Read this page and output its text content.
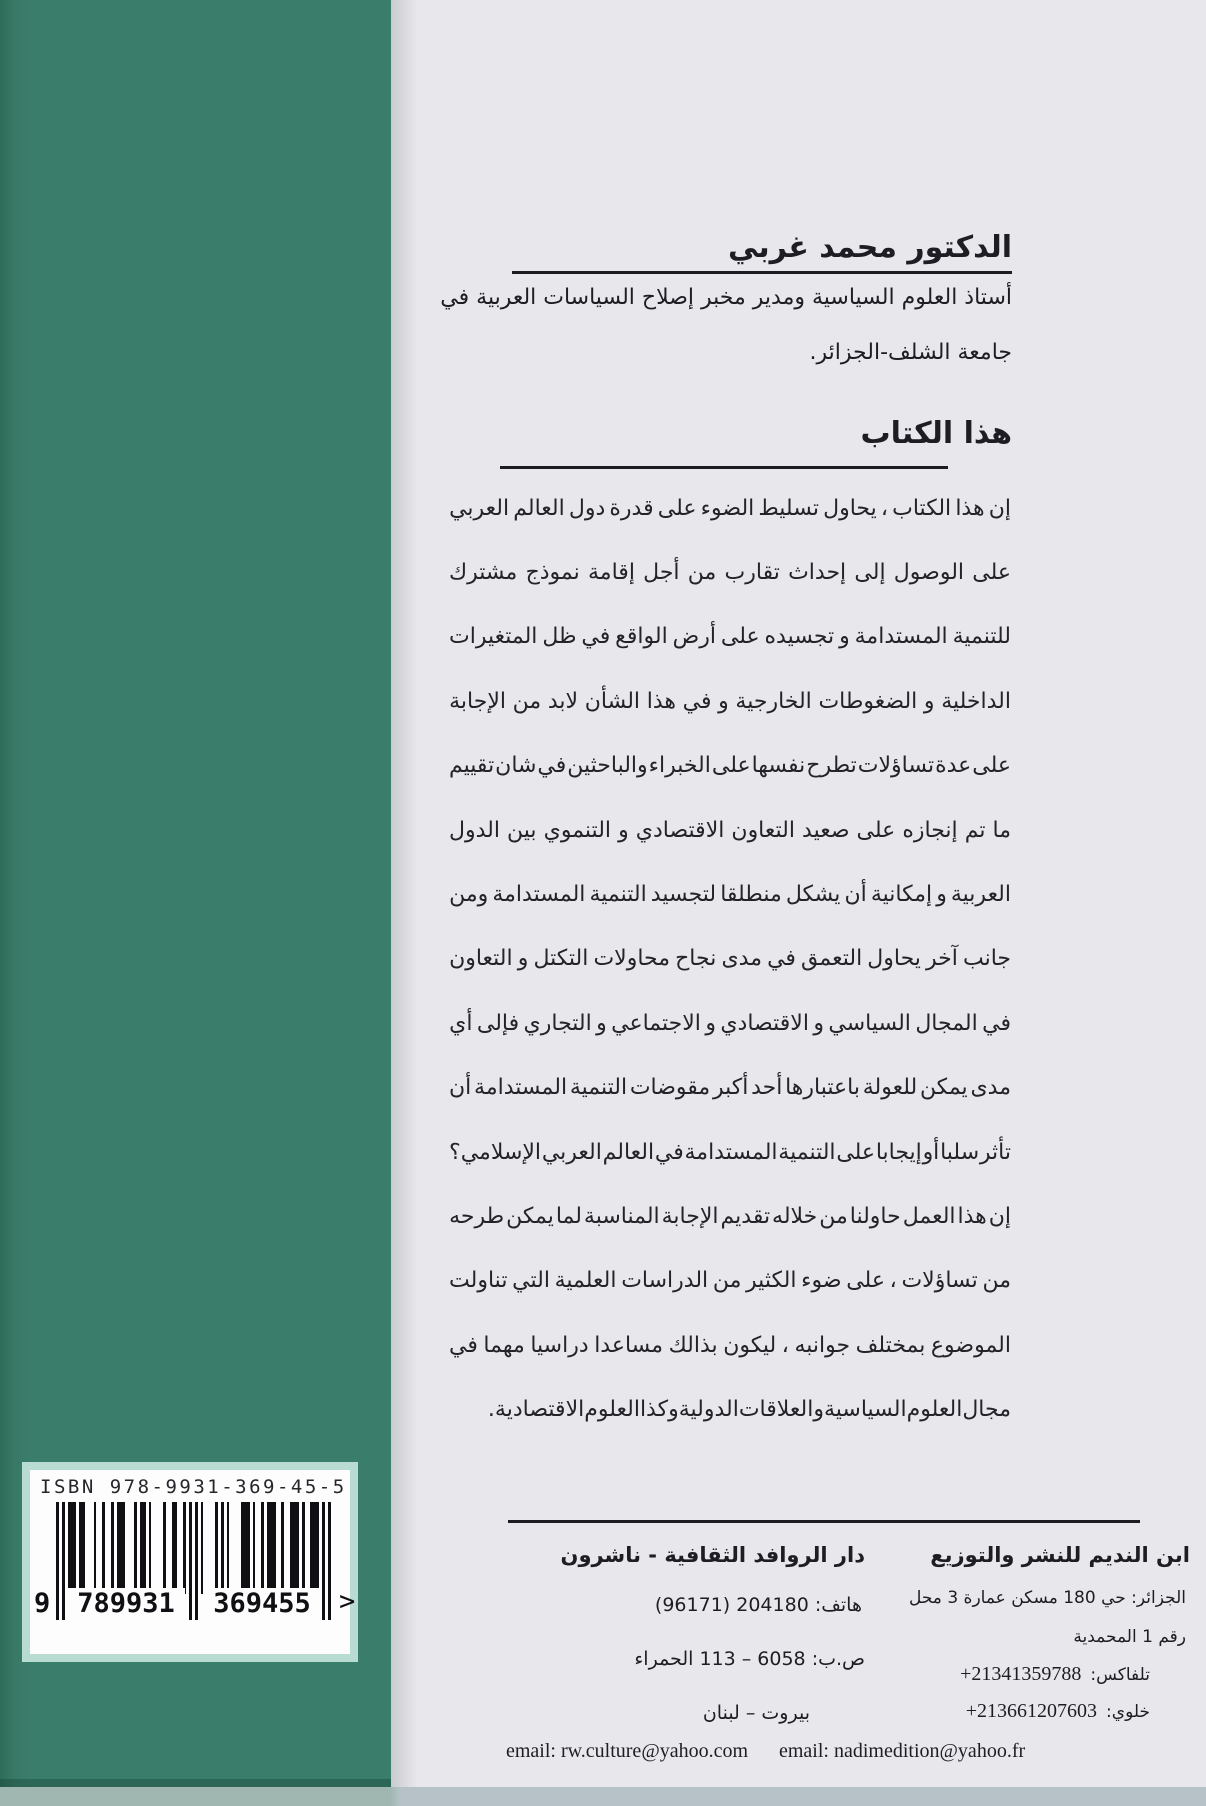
ISBN 978-9931-369-45-5
9 789931	369455	>
الدكتور محمد غربي
أستاذ العلوم السياسية ومدير مخبر إصلاح السياسات العربية في
جامعة الشلف-الجزائر.
هذا الكتاب
إن
هذا
الكتاب
،
يحاول
تسليط
الضوء
على
قدرة
دول
العالم
العربي
على
الوصول
إلى
إحداث
تقارب
من
أجل
إقامة
نموذج
مشترك
للتنمية
المستدامة
و
تجسيده
على
أرض
الواقع
في
ظل
المتغيرات
الداخلية
و
الضغوطات
الخارجية
و
في
هذا
الشأن
لابد
من
الإجابة
على
عدة
تساؤلات
تطرح
نفسها
على
الخبراء
والباحثين
في
شان
تقييم
ما
تم
إنجازه
على
صعيد
التعاون
الاقتصادي
و
التنموي
بين
الدول
العربية
و
إمكانية
أن
يشكل
منطلقا
لتجسيد
التنمية
المستدامة
ومن
جانب
آخر
يحاول
التعمق
في
مدى
نجاح
محاولات
التكتل
و
التعاون
في
المجال
السياسي
و
الاقتصادي
و
الاجتماعي
و
التجاري
فإلى
أي
مدى
يمكن
للعولة
باعتبارها
أحد
أكبر
مقوضات
التنمية
المستدامة
أن
تأثر
سلبا
أو
إيجابا
على
التنمية
المستدامة
في
العالم
العربي
الإسلامي؟
إن
هذا
العمل
حاولنا
من
خلاله
تقديم
الإجابة
المناسبة
لما
يمكن
طرحه
من
تساؤلات
،
على
ضوء
الكثير
من
الدراسات
العلمية
التي
تناولت
الموضوع
بمختلف
جوانبه
،
ليكون
بذالك
مساعدا
دراسيا
مهما
في
مجال
العلوم
السياسية
والعلاقات
الدولية
وكذا
العلوم
الاقتصادية
.
دار الروافد الثقافية - ناشرون
هاتف: 204180 (96171)
ص.ب: 6058 – 113 الحمراء
بيروت – لبنان
email: rw.culture@yahoo.com
ابن النديم للنشر والتوزيع
الجزائر: حي 180 مسكن عمارة 3 محل
رقم 1 المحمدية
تلفاكس:
+21341359788
خلوي:
+213661207603
email: nadimedition@yahoo.fr
